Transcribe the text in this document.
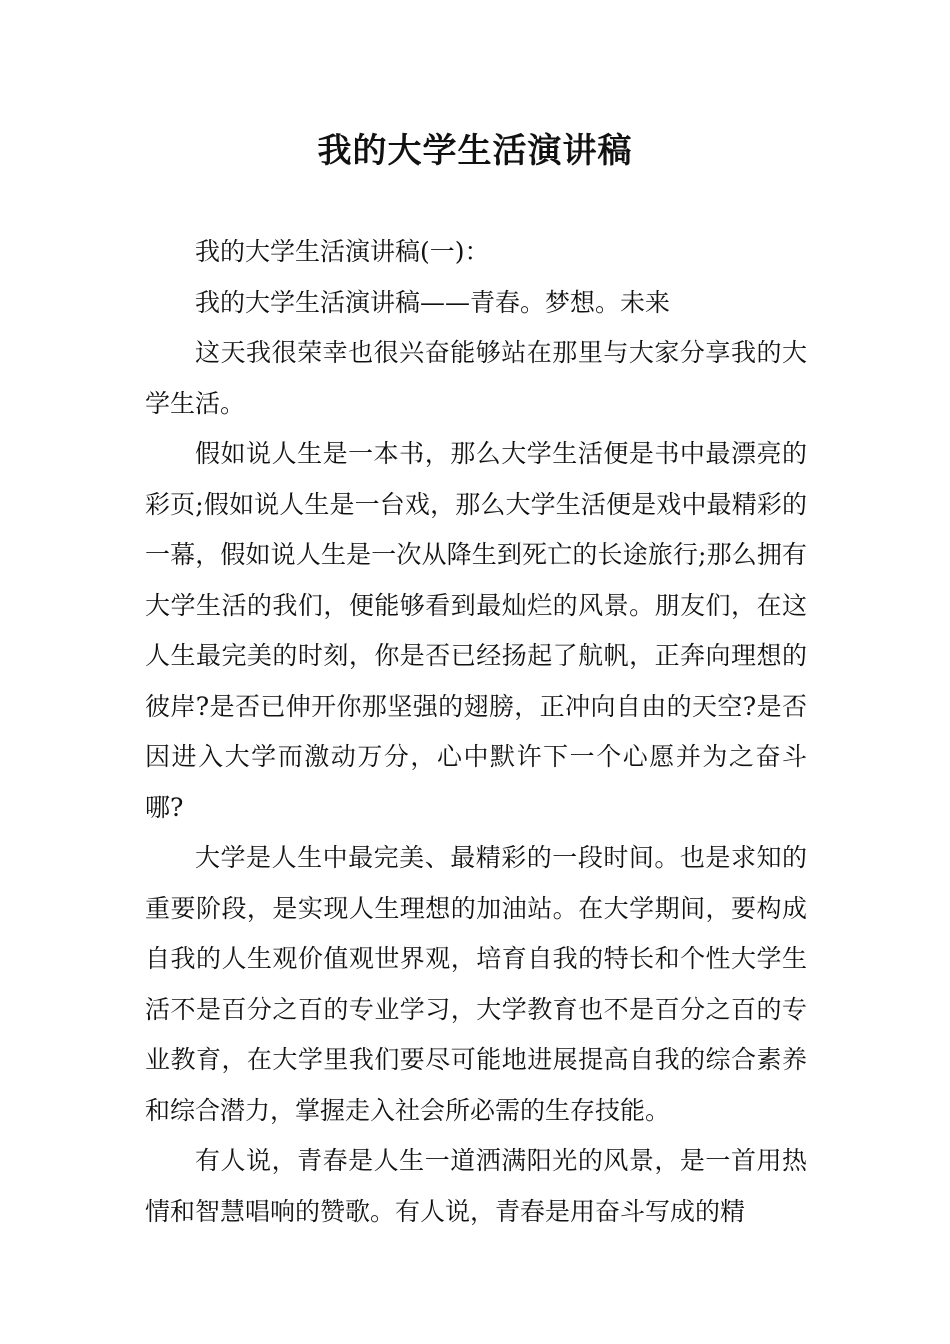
我的大学生活演讲稿

我的大学生活演讲稿(一)：

我的大学生活演讲稿——青春。梦想。未来

这天我很荣幸也很兴奋能够站在那里与大家分享我的大学生活。

假如说人生是一本书，那么大学生活便是书中最漂亮的彩页;假如说人生是一台戏，那么大学生活便是戏中最精彩的一幕，假如说人生是一次从降生到死亡的长途旅行;那么拥有大学生活的我们，便能够看到最灿烂的风景。朋友们，在这人生最完美的时刻，你是否已经扬起了航帆，正奔向理想的彼岸?是否已伸开你那坚强的翅膀，正冲向自由的天空?是否因进入大学而激动万分，心中默许下一个心愿并为之奋斗哪?

大学是人生中最完美、最精彩的一段时间。也是求知的重要阶段，是实现人生理想的加油站。在大学期间，要构成自我的人生观价值观世界观，培育自我的特长和个性大学生活不是百分之百的专业学习，大学教育也不是百分之百的专业教育，在大学里我们要尽可能地进展提高自我的综合素养和综合潜力，掌握走入社会所必需的生存技能。

有人说，青春是人生一道洒满阳光的风景，是一首用热情和智慧唱响的赞歌。有人说，青春是用奋斗写成的精
